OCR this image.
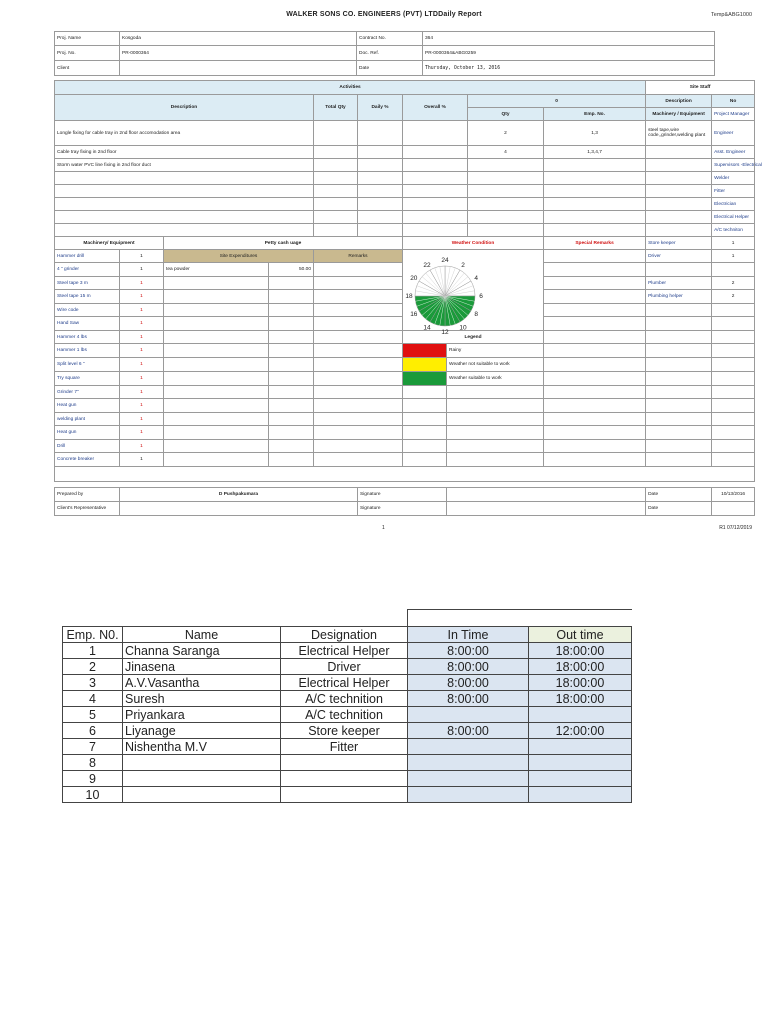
WALKER SONS CO. ENGINEERS (PVT) LTDDaily Report	Temp&ABG1000
Proj. Name	Kosgoda	Contract No.	364
Proj. No.	PR-0000364	Doc. Ref.	PR-0000364&ABG0259
Client		Date	Thursday, October 13, 2016
Activities										Site Staff		
Description				Total Qty	Daily %	Overall %		0		Description	No	
								Qty	Emp. No.	Machinery / Equipment	Project Manager	
Longle fixing for cable tray in 2nd floor accomodation area								2	1,3	steel tape,wire code,,grinder,welding plant	Engineer	
Cable tray fixing in 2nd floor								4	1,3,4,7		Asst. Engineer	
Storm water PVC line fixing in 2nd floor duct											Supervisors -Electrical	
											Welder	
											Fitter	
											Electrician	
											Electrical Helper	
											A/C techniton	
Machinery/ Equipment		Petty cash uage				Weather Condition			Special Remarks	Store keeper	1	
Hammer drill	1	Site Expenditures		Remarks						Driver	1	
4 " grinder	1	tea powder	50.00									
Steel tape 3 m	1									Plumber	2	
Steel tape 15 m	1									Plumbing helper	2	
Wire code	1											
Hand Saw	1											
Hammer 4 lbs	1					Legend						
Hammer 1 lbs	1						Rainy					
Split level 6 "	1						Weather not suitable to work					
Try square	1						Weather suitable to work					
Grinder 7"	1											
Heat gun	1											
welding plant	1											
Heat gun	1											
Drill	1											
Concrete breaker	1											

Prepared by	D Pushpakumara				Signature					Date	10/13/2016	
Client's Representative					Signature					Date		
24
2
4
6
8
10
12
14
16
18
20
22
1	R1 07/12/2019
Emp. N0.	Name	Designation	In Time	Out time
1	Channa Saranga	Electrical Helper	8:00:00	18:00:00
2	Jinasena	Driver	8:00:00	18:00:00
3	A.V.Vasantha	Electrical Helper	8:00:00	18:00:00
4	Suresh	A/C technition	8:00:00	18:00:00
5	Priyankara	A/C technition		
6	Liyanage	Store keeper	8:00:00	12:00:00
7	Nishentha M.V	Fitter		
8				
9				
10				
